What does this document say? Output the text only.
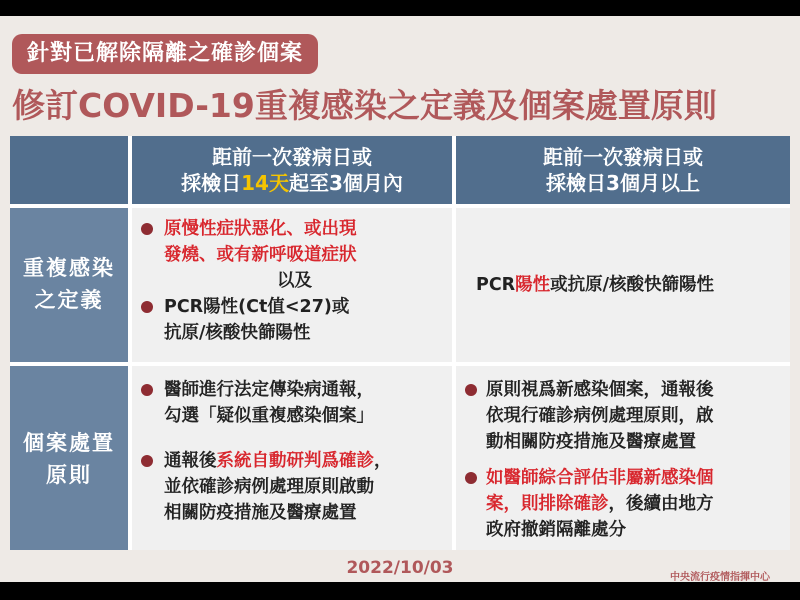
針對已解除隔離之確診個案
修訂COVID-19重複感染之定義及個案處置原則
距前一次發病日或
採檢日14天起至3個月內
距前一次發病日或
採檢日3個月以上
重複感染
之定義
原慢性症狀惡化、或出現
發燒、或有新呼吸道症狀
以及
PCR陽性(Ct值<27)或
抗原/核酸快篩陽性
PCR陽性或抗原/核酸快篩陽性
個案處置
原則
醫師進行法定傳染病通報，
勾選「疑似重複感染個案」
通報後系統自動研判爲確診，
並依確診病例處理原則啟動
相關防疫措施及醫療處置
原則視爲新感染個案，通報後
依現行確診病例處理原則，啟
動相關防疫措施及醫療處置
如醫師綜合評估非屬新感染個
案，則排除確診，後續由地方
政府撤銷隔離處分
2022/10/03	中央流行疫情指揮中心
